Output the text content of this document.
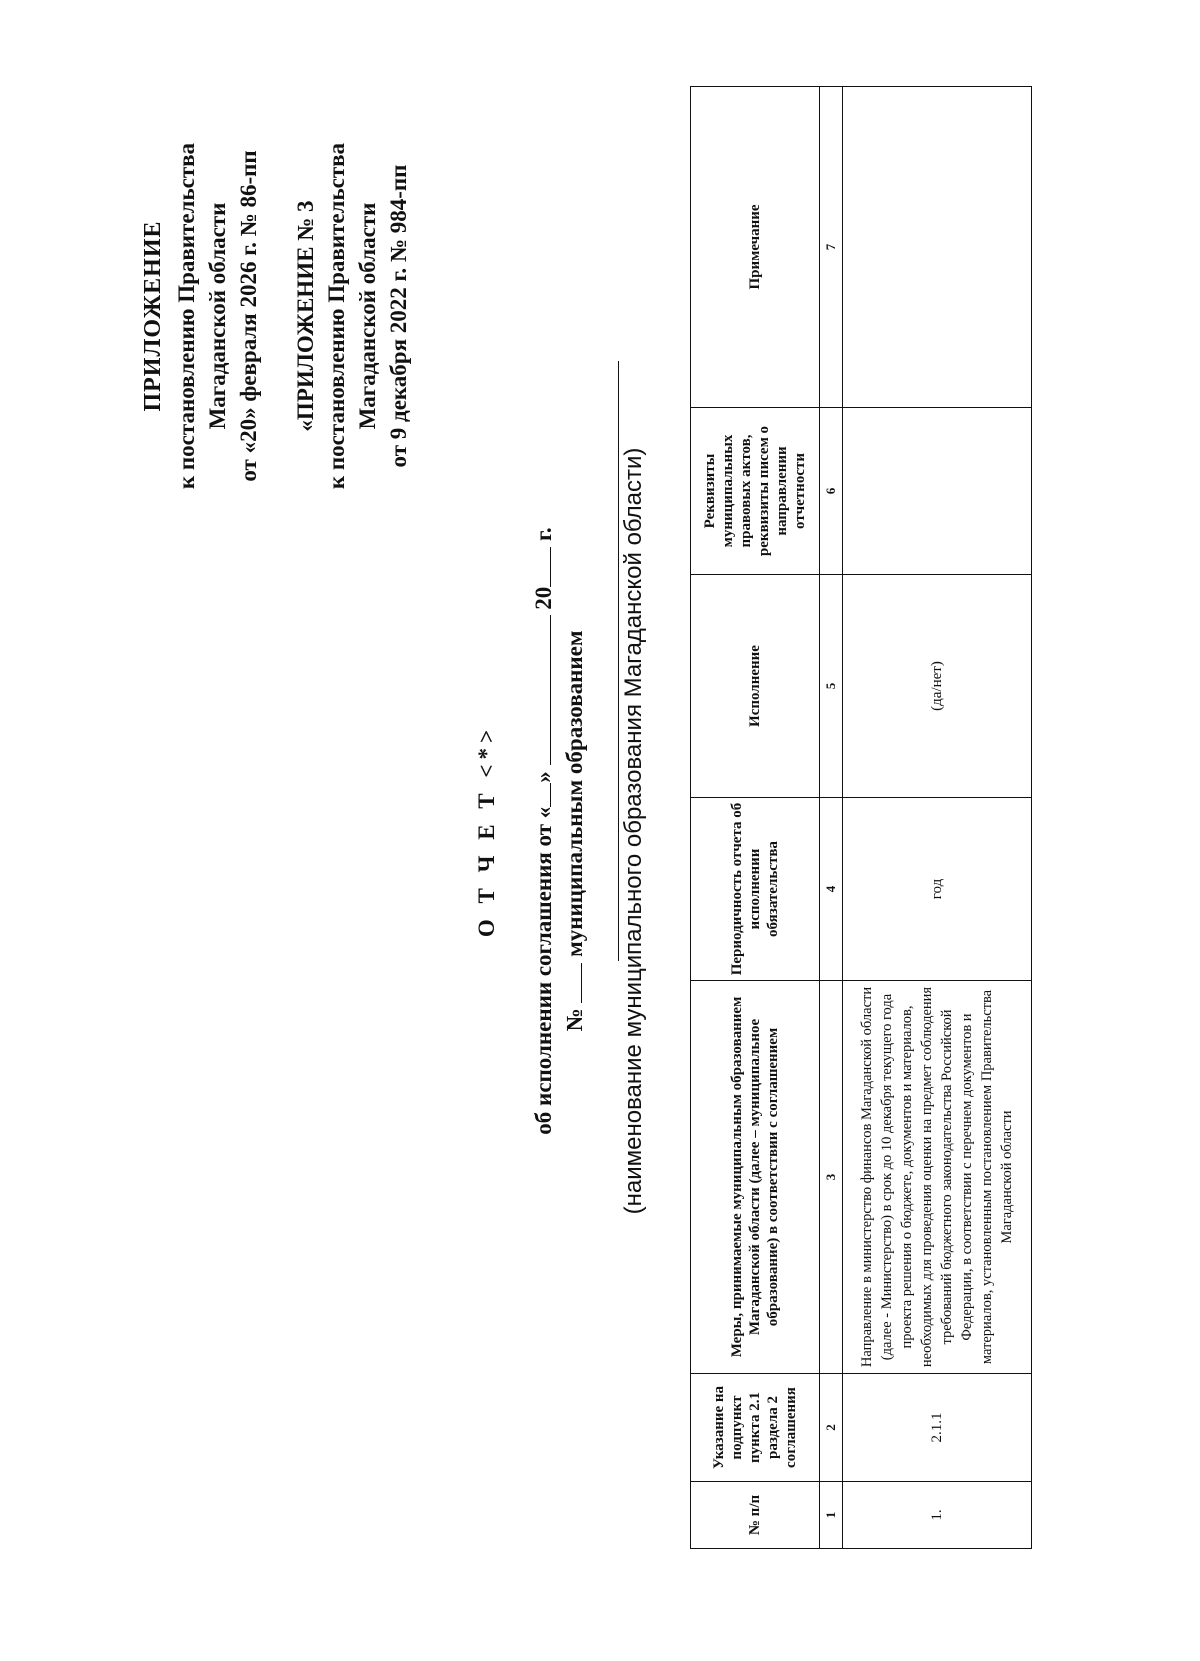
ПРИЛОЖЕНИЕ к постановлению Правительства Магаданской области от «20» февраля 2026 г. № 86-пп «ПРИЛОЖЕНИЕ № 3 к постановлению Правительства Магаданской области от 9 декабря 2022 г. № 984-пп
О Т Ч Е Т <*> об исполнении соглашения от «»  20 г.
№  муниципальным образованием (наименование муниципального образования Магаданской области)
№ п/п	Указание на подпункт пункта 2.1 раздела 2 соглашения	Меры, принимаемые муниципальным образованием Магаданской области (далее – муниципальное образование) в соответствии с соглашением	Периодичность отчета об исполнении обязательства	Исполнение	Реквизиты муниципальных правовых актов, реквизиты писем о направлении отчетности	Примечание
1	2	3	4	5	6	7
1.	2.1.1	Направление в министерство финансов Магаданской области (далее - Министерство) в срок до 10 декабря текущего года проекта решения о бюджете, документов и материалов, необходимых для проведения оценки на предмет соблюдения требований бюджетного законодательства Российской Федерации, в соответствии с перечнем документов и материалов, установленным постановлением Правительства Магаданской области	год	(да/нет)		
